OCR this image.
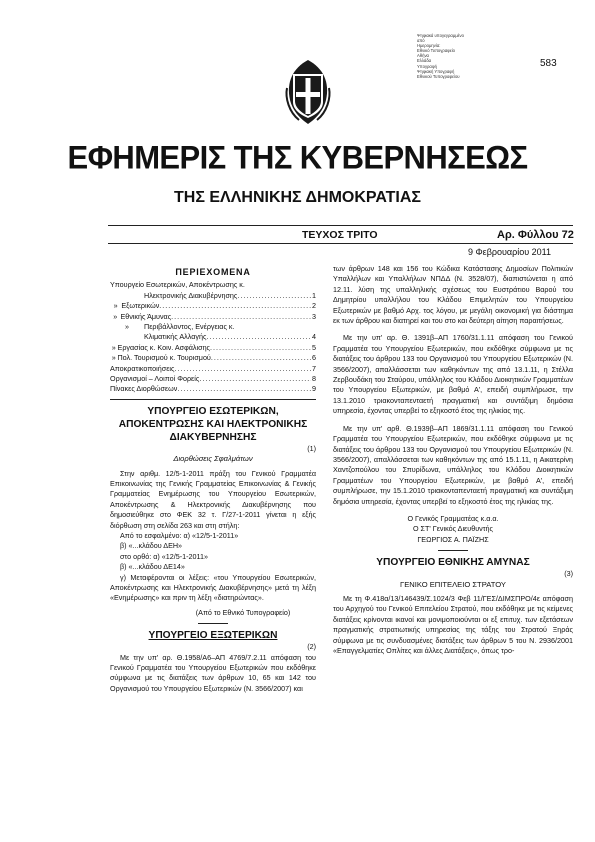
Ψηφιακά υπογεγραμμένο
από
Ημερομηνία:
Εθνικό Τυπογραφείο
Αθήνα
Ελλάδα
Υπογραφή
Ψηφιακή Υπογραφή
Εθνικού Τυπογραφείου
583
ΕΦΗΜΕΡΙΣ ΤΗΣ ΚΥΒΕΡΝΗΣΕΩΣ
ΤΗΣ ΕΛΛΗΝΙΚΗΣ ΔΗΜΟΚΡΑΤΙΑΣ
ΤΕΥΧΟΣ ΤΡΙΤΟ	Αρ. Φύλλου 72
9 Φεβρουαρίου 2011
ΠΕΡΙΕΧΟΜΕΝΑ
Υπουργείο Εσωτερικών, Αποκέντρωσης κ.
Ηλεκτρονικής Διακυβέρνησης .....	1
» Εξωτερικών .....	2
» Εθνικής Άμυνας .....	3
»	Περιβάλλοντος, Ενέργειας κ.
Κλιματικής Αλλαγής .....	4
» Εργασίας κ. Κοιν. Ασφάλισης .....	5
» Πολ. Τουρισμού κ. Τουρισμού .....	6
Αποκρατικοποιήσεις .....	7
Οργανισμοί – Λοιποί Φορείς .....	8
Πίνακες Διορθώσεων .....	9
ΥΠΟΥΡΓΕΙΟ ΕΣΩΤΕΡΙΚΩΝ,
ΑΠΟΚΕΝΤΡΩΣΗΣ ΚΑΙ ΗΛΕΚΤΡΟΝΙΚΗΣ
ΔΙΑΚΥΒΕΡΝΗΣΗΣ
(1)
Διορθώσεις Σφαλμάτων
Στην αριθμ. 12/5-1-2011 πράξη του Γενικού Γραμματέα Επικοινωνίας της Γενικής Γραμματείας Επικοινωνίας & Γενικής Γραμματείας Ενημέρωσης του Υπουργείου Εσωτερικών, Αποκέντρωσης & Ηλεκτρονικής Διακυβέρνησης που δημοσιεύθηκε στο ΦΕΚ 32 τ. Γ/27-1-2011 γίνεται η εξής διόρθωση στη σελίδα 263 και στη στήλη:
Από το εσφαλμένο: α) «12/5-1-2011»
β) «...κλάδου ΔΕΗ»
στο ορθό: α) «12/5-1-2011»
β) «...κλάδου ΔΕ14»
γ) Μεταφέρονται οι λέξεις: «του Υπουργείου Εσωτερικών, Αποκέντρωσης και Ηλεκτρονικής Διακυβέρνησης» μετά τη λέξη «Ενημέρωσης» και πριν τη λέξη «διατηρώντας».
(Από το Εθνικό Τυπογραφείο)
ΥΠΟΥΡΓΕΙΟ ΕΞΩΤΕΡΙΚΩΝ
(2)
Με την υπ' αρ. Θ.1958/Α6–ΑΠ 4769/7.2.11 απόφαση του Γενικού Γραμματέα του Υπουργείου Εξωτερικών που εκδόθηκε σύμφωνα με τις διατάξεις των άρθρων 10, 65 και 142 του Οργανισμού του Υπουργείου Εξωτερικών (Ν. 3566/2007) και
των άρθρων 148 και 156 του Κώδικα Κατάστασης Δημοσίων Πολιτικών Υπαλλήλων και Υπαλλήλων ΝΠΔΔ (Ν. 3528/07), διαπιστώνεται η από 12.11. λύση της υπαλληλικής σχέσεως του Ευστράτιου Βαρού του Δημητρίου υπαλλήλου του Κλάδου Επιμελητών του Υπουργείου Εξωτερικών με βαθμό Αρχ. τος λόγου, με μεγάλη οικονομική για διάστημα εκ των άρθρου και διατηρεί και του στο και δεύτερη αίτηση παραιτήσεως.
Με την υπ' αρ. Θ. 1391β–ΑΠ 1760/31.1.11 απόφαση του Γενικού Γραμματέα του Υπουργείου Εξωτερικών, που εκδόθηκε σύμφωνα με τις διατάξεις του άρθρου 133 του Οργανισμού του Υπουργείου Εξωτερικών (Ν. 3566/2007), απαλλάσσεται των καθηκόντων της από 13.1.11, η Στέλλα Ζερβουδάκη του Σταύρου, υπάλληλος του Κλάδου Διοικητικών Γραμματέων του Υπουργείου Εξωτερικών, με βαθμό Α', επειδή συμπλήρωσε, την 13.1.2010 τριακονταπενταετή πραγματική και συντάξιμη δημόσια υπηρεσία, έχοντας υπερβεί το εξηκοστό έτος της ηλικίας της.
Με την υπ' αρθ. Θ.1939β–ΑΠ 1869/31.1.11 απόφαση του Γενικού Γραμματέα του Υπουργείου Εξωτερικών, που εκδόθηκε σύμφωνα με τις διατάξεις του άρθρου 133 του Οργανισμού του Υπουργείου Εξωτερικών (Ν. 3566/2007), απαλλάσσεται των καθηκόντων της από 15.1.11, η Αικατερίνη Χαντζοπούλου του Σπυρίδωνα, υπάλληλος του Κλάδου Διοικητικών Γραμματέων του Υπουργείου Εξωτερικών, με βαθμό Α', επειδή συμπλήρωσε, την 15.1.2010 τριακονταπενταετή πραγματική και συντάξιμη δημόσια υπηρεσία, έχοντας υπερβεί το εξηκοστό έτος της ηλικίας της.
Ο Γενικός Γραμματέας κ.α.α.
Ο ΣΤ' Γενικός Διευθυντής
ΓΕΩΡΓΙΟΣ Α. ΠΑΪΖΗΣ
ΥΠΟΥΡΓΕΙΟ ΕΘΝΙΚΗΣ ΑΜΥΝΑΣ
(3)
ΓΕΝΙΚΟ ΕΠΙΤΕΛΕΙΟ ΣΤΡΑΤΟΥ
Με τη Φ.418α/13/146439/Σ.1024/3 Φεβ 11/ΓΕΣ/ΔΙΜΣΠΡΟ/4ε απόφαση του Αρχηγού του Γενικού Επιτελείου Στρατού, που εκδόθηκε με τις κείμενες διατάξεις κρίνονται ικανοί και μονιμοποιούνται οι εξ επιτυχ. των εξετάσεων πραγματικής στρατιωτικής υπηρεσίας της τάξης του Στρατού Ξηράς σύμφωνα με τις συνδυασμένες διατάξεις των άρθρων 5 του Ν. 2936/2001 «Επαγγελματίες Οπλίτες και άλλες Διατάξεις», όπως τρο-
